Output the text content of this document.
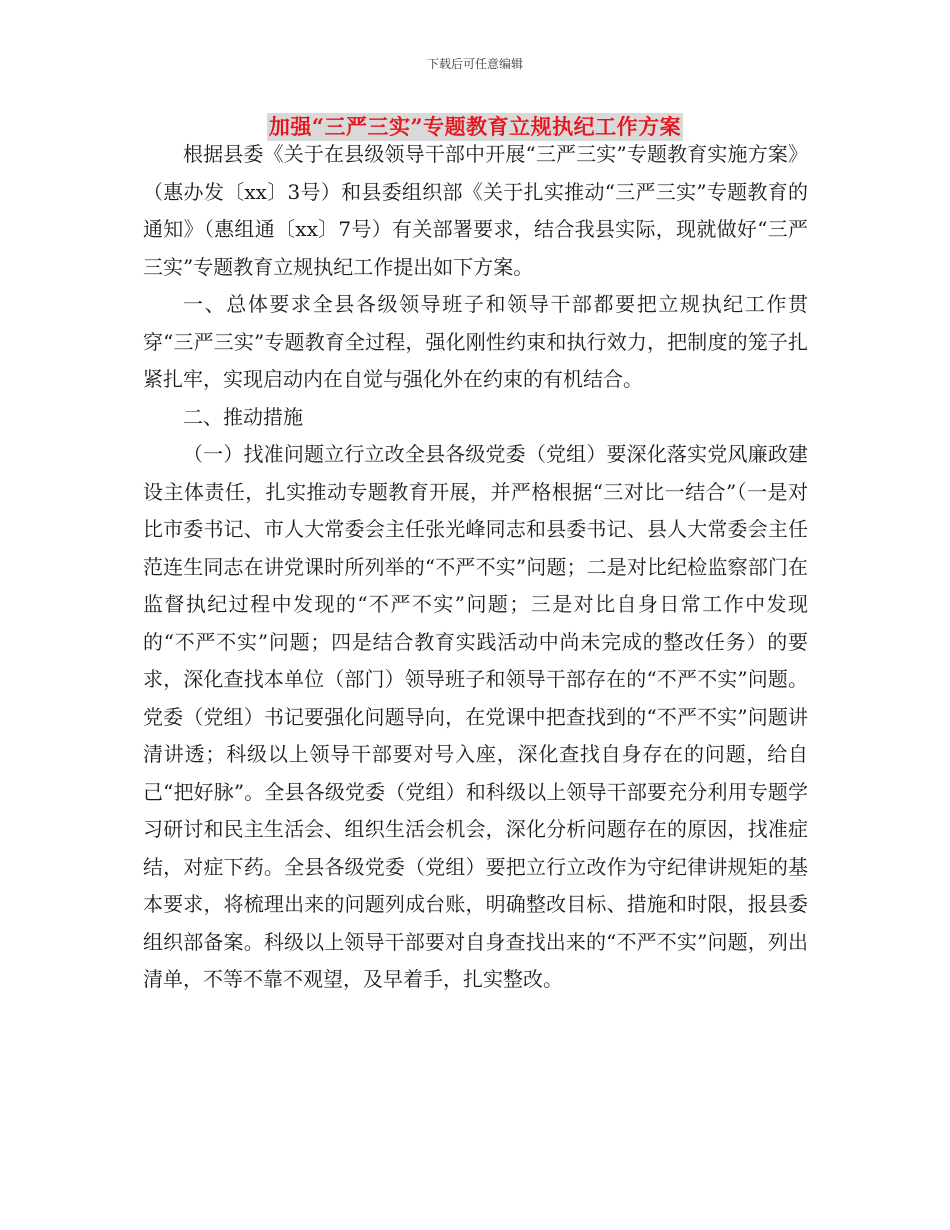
下载后可任意编辑
加强“三严三实”专题教育立规执纪工作方案

根据县委《关于在县级领导干部中开展“三严三实”专题教育实施方案》（惠办发〔xx〕3号）和县委组织部《关于扎实推动“三严三实”专题教育的通知》（惠组通〔xx〕7号）有关部署要求，结合我县实际，现就做好“三严三实”专题教育立规执纪工作提出如下方案。

一、总体要求全县各级领导班子和领导干部都要把立规执纪工作贯穿“三严三实”专题教育全过程，强化刚性约束和执行效力，把制度的笼子扎紧扎牢，实现启动内在自觉与强化外在约束的有机结合。

二、推动措施

（一）找准问题立行立改全县各级党委（党组）要深化落实党风廉政建设主体责任，扎实推动专题教育开展，并严格根据“三对比一结合”（一是对比市委书记、市人大常委会主任张光峰同志和县委书记、县人大常委会主任范连生同志在讲党课时所列举的“不严不实”问题；二是对比纪检监察部门在监督执纪过程中发现的“不严不实”问题；三是对比自身日常工作中发现的“不严不实”问题；四是结合教育实践活动中尚未完成的整改任务）的要求，深化查找本单位（部门）领导班子和领导干部存在的“不严不实”问题。党委（党组）书记要强化问题导向，在党课中把查找到的“不严不实”问题讲清讲透；科级以上领导干部要对号入座，深化查找自身存在的问题，给自己“把好脉”。全县各级党委（党组）和科级以上领导干部要充分利用专题学习研讨和民主生活会、组织生活会机会，深化分析问题存在的原因，找准症结，对症下药。全县各级党委（党组）要把立行立改作为守纪律讲规矩的基本要求，将梳理出来的问题列成台账，明确整改目标、措施和时限，报县委组织部备案。科级以上领导干部要对自身查找出来的“不严不实”问题，列出清单，不等不靠不观望，及早着手，扎实整改。
